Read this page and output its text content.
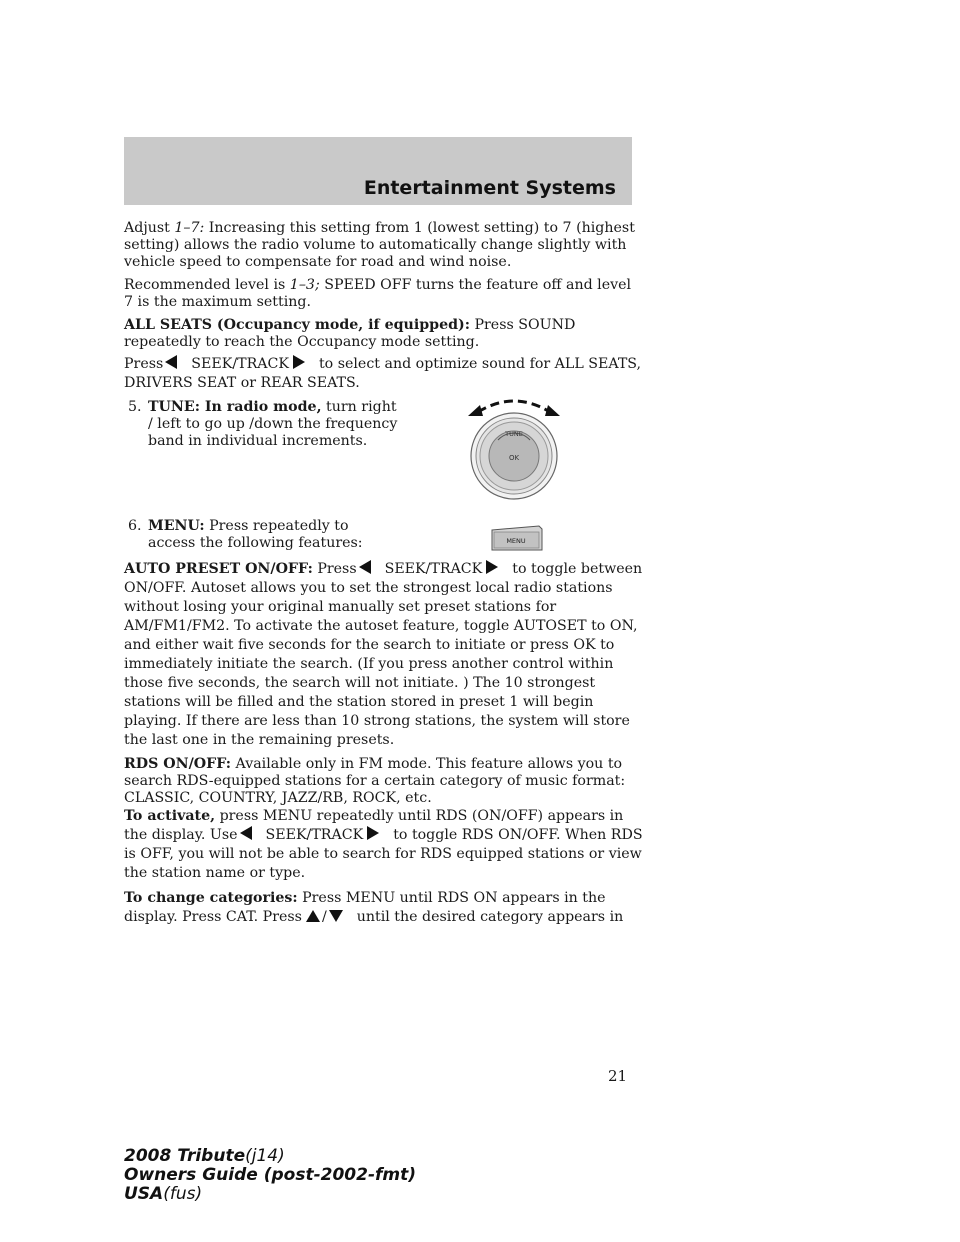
Entertainment Systems

Adjust 1–7: Increasing this setting from 1 (lowest setting) to 7 (highest setting) allows the radio volume to automatically change slightly with vehicle speed to compensate for road and wind noise.

Recommended level is 1–3; SPEED OFF turns the feature off and level 7 is the maximum setting.

ALL SEATS (Occupancy mode, if equipped): Press SOUND repeatedly to reach the Occupancy mode setting.

Press SEEK/TRACK to select and optimize sound for ALL SEATS, DRIVERS SEAT or REAR SEATS.

5. TUNE: In radio mode, turn right / left to go up /down the frequency band in individual increments.
6. MENU: Press repeatedly to access the following features:

AUTO PRESET ON/OFF: Press SEEK/TRACK to toggle between ON/OFF. Autoset allows you to set the strongest local radio stations without losing your original manually set preset stations for AM/FM1/FM2. To activate the autoset feature, toggle AUTOSET to ON, and either wait five seconds for the search to initiate or press OK to immediately initiate the search. (If you press another control within those five seconds, the search will not initiate. ) The 10 strongest stations will be filled and the station stored in preset 1 will begin playing. If there are less than 10 strong stations, the system will store the last one in the remaining presets.

RDS ON/OFF: Available only in FM mode. This feature allows you to search RDS-equipped stations for a certain category of music format: CLASSIC, COUNTRY, JAZZ/RB, ROCK, etc.

To activate, press MENU repeatedly until RDS (ON/OFF) appears in the display. Use SEEK/TRACK to toggle RDS ON/OFF. When RDS is OFF, you will not be able to search for RDS equipped stations or view the station name or type.

To change categories: Press MENU until RDS ON appears in the display. Press CAT. Press / until the desired category appears in

TUNE
OK
MENU
21
2008 Tribute(j14)
Owners Guide (post-2002-fmt)
USA(fus)
